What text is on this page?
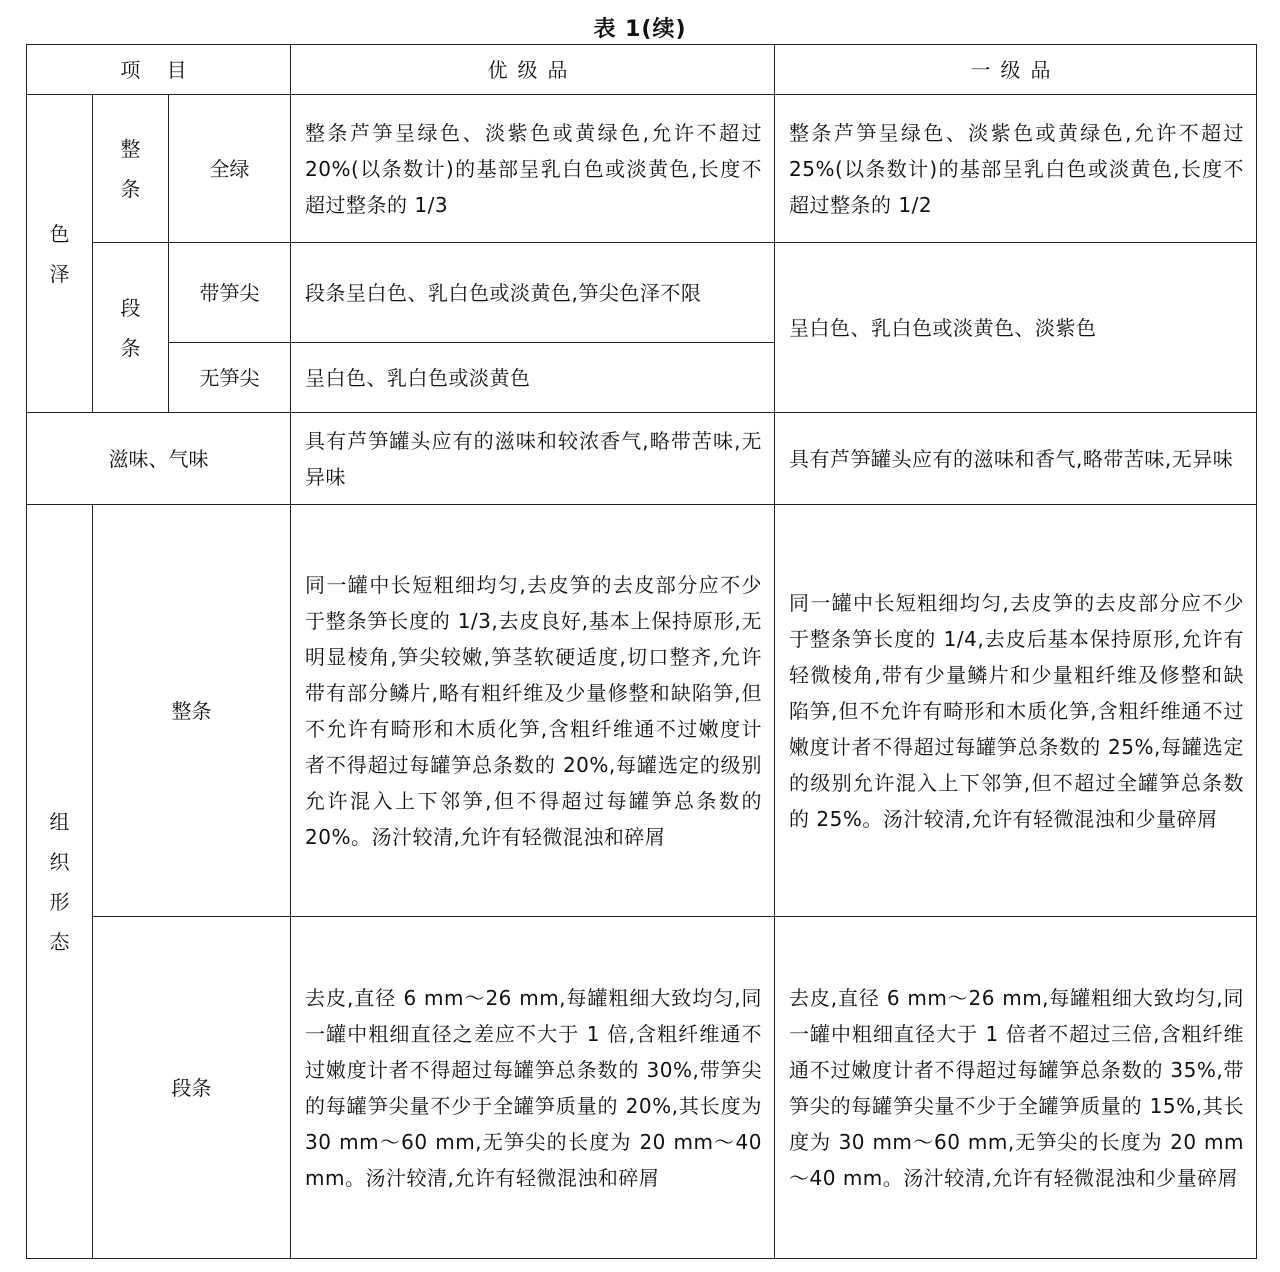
表 1(续)
项 目			优级品	一级品
色泽	整条	全绿	整条芦笋呈绿色、淡紫色或黄绿色,允许不超过 20%(以条数计)的基部呈乳白色或淡黄色,长度不超过整条的 1/3	整条芦笋呈绿色、淡紫色或黄绿色,允许不超过 25%(以条数计)的基部呈乳白色或淡黄色,长度不超过整条的 1/2
	段条	带笋尖	段条呈白色、乳白色或淡黄色,笋尖色泽不限	呈白色、乳白色或淡黄色、淡紫色
		无笋尖	呈白色、乳白色或淡黄色	
滋味、气味			具有芦笋罐头应有的滋味和较浓香气,略带苦味,无异味	具有芦笋罐头应有的滋味和香气,略带苦味,无异味
组织形态	整条		同一罐中长短粗细均匀,去皮笋的去皮部分应不少于整条笋长度的 1/3,去皮良好,基本上保持原形,无明显棱角,笋尖较嫩,笋茎软硬适度,切口整齐,允许带有部分鳞片,略有粗纤维及少量修整和缺陷笋,但不允许有畸形和木质化笋,含粗纤维通不过嫩度计者不得超过每罐笋总条数的 20%,每罐选定的级别允许混入上下邻笋,但不得超过每罐笋总条数的 20%。汤汁较清,允许有轻微混浊和碎屑	同一罐中长短粗细均匀,去皮笋的去皮部分应不少于整条笋长度的 1/4,去皮后基本保持原形,允许有轻微棱角,带有少量鳞片和少量粗纤维及修整和缺陷笋,但不允许有畸形和木质化笋,含粗纤维通不过嫩度计者不得超过每罐笋总条数的 25%,每罐选定的级别允许混入上下邻笋,但不超过全罐笋总条数的 25%。汤汁较清,允许有轻微混浊和少量碎屑
	段条		去皮,直径 6 mm～26 mm,每罐粗细大致均匀,同一罐中粗细直径之差应不大于 1 倍,含粗纤维通不过嫩度计者不得超过每罐笋总条数的 30%,带笋尖的每罐笋尖量不少于全罐笋质量的 20%,其长度为 30 mm～60 mm,无笋尖的长度为 20 mm～40 mm。汤汁较清,允许有轻微混浊和碎屑	去皮,直径 6 mm～26 mm,每罐粗细大致均匀,同一罐中粗细直径大于 1 倍者不超过三倍,含粗纤维通不过嫩度计者不得超过每罐笋总条数的 35%,带笋尖的每罐笋尖量不少于全罐笋质量的 15%,其长度为 30 mm～60 mm,无笋尖的长度为 20 mm～40 mm。汤汁较清,允许有轻微混浊和少量碎屑
